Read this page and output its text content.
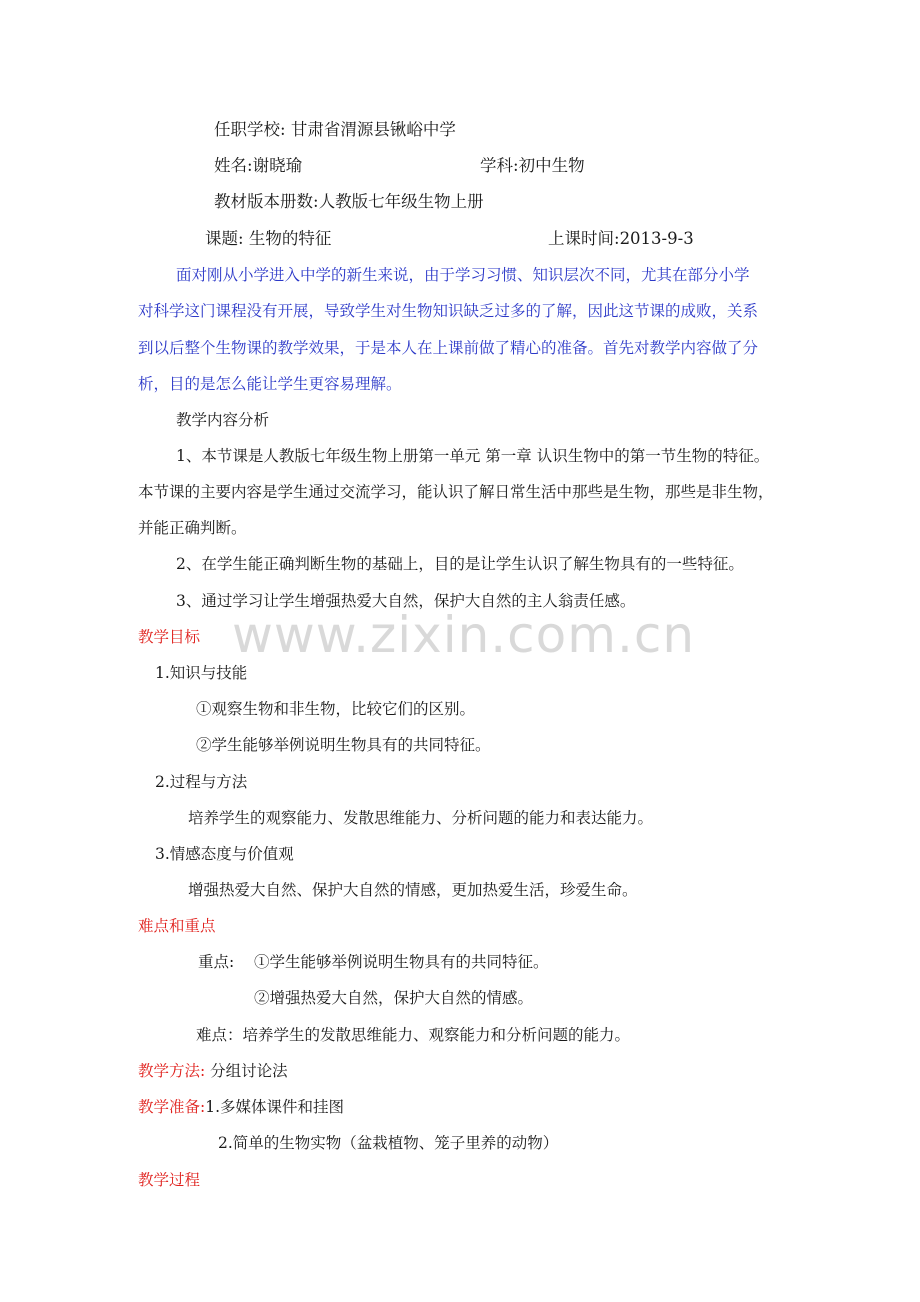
www.zixin.com.cn
任职学校: 甘肃省渭源县锹峪中学
姓名:谢晓瑜	学科:初中生物
教材版本册数:人教版七年级生物上册
课题: 生物的特征	上课时间:2013-9-3
面对刚从小学进入中学的新生来说，由于学习习惯、知识层次不同，尤其在部分小学
对科学这门课程没有开展，导致学生对生物知识缺乏过多的了解，因此这节课的成败，关系
到以后整个生物课的教学效果，于是本人在上课前做了精心的准备。首先对教学内容做了分
析，目的是怎么能让学生更容易理解。
教学内容分析
1、本节课是人教版七年级生物上册第一单元 第一章 认识生物中的第一节生物的特征。
本节课的主要内容是学生通过交流学习，能认识了解日常生活中那些是生物，那些是非生物，
并能正确判断。
2、在学生能正确判断生物的基础上，目的是让学生认识了解生物具有的一些特征。
3、通过学习让学生增强热爱大自然，保护大自然的主人翁责任感。
教学目标
1.知识与技能
①观察生物和非生物，比较它们的区别。
②学生能够举例说明生物具有的共同特征。
2.过程与方法
培养学生的观察能力、发散思维能力、分析问题的能力和表达能力。
3.情感态度与价值观
增强热爱大自然、保护大自然的情感，更加热爱生活，珍爱生命。
难点和重点
重点: ①学生能够举例说明生物具有的共同特征。
②增强热爱大自然，保护大自然的情感。
难点：培养学生的发散思维能力、观察能力和分析问题的能力。
教学方法: 分组讨论法
教学准备:1.多媒体课件和挂图
2.简单的生物实物（盆栽植物、笼子里养的动物）
教学过程
